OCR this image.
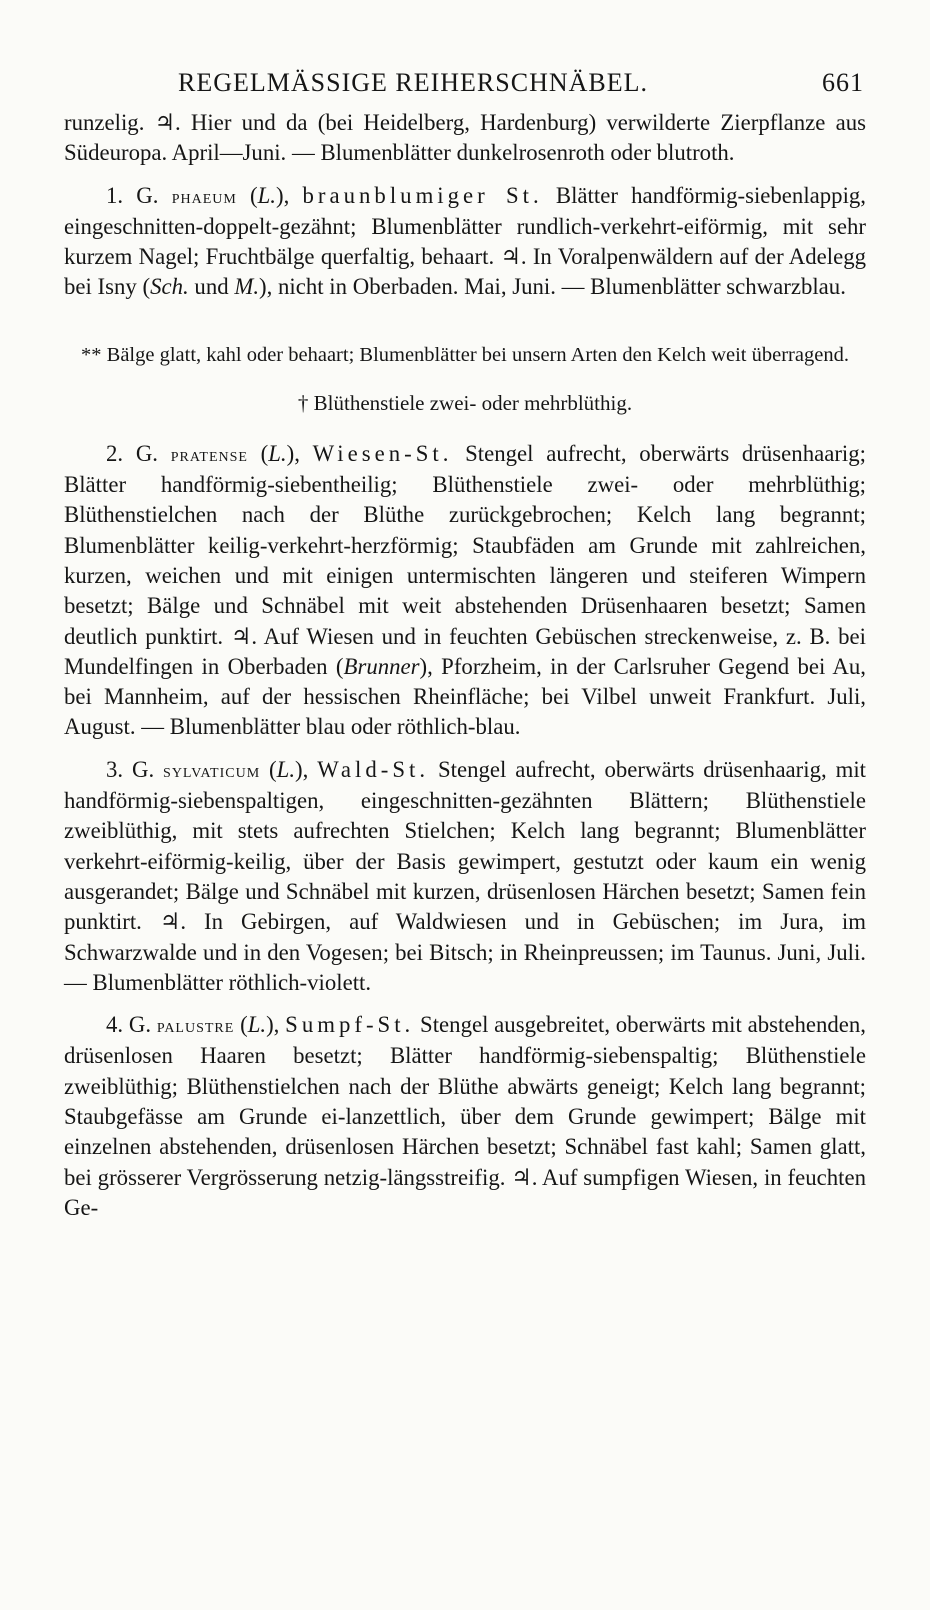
REGELMÄSSIGE REIHERSCHNÄBEL.	661

runzelig. ♃. Hier und da (bei Heidelberg, Hardenburg) verwilderte Zierpflanze aus Südeuropa. April—Juni. — Blumenblätter dunkelrosenroth oder blutroth.

1. G. phaeum (L.), braunblumiger St. Blätter handförmig-siebenlappig, eingeschnitten-doppelt-gezähnt; Blumenblätter rundlich-verkehrt-eiförmig, mit sehr kurzem Nagel; Fruchtbälge querfaltig, behaart. ♃. In Voralpenwäldern auf der Adelegg bei Isny (Sch. und M.), nicht in Oberbaden. Mai, Juni. — Blumenblätter schwarzblau.

** Bälge glatt, kahl oder behaart; Blumenblätter bei unsern Arten den Kelch weit überragend.

† Blüthenstiele zwei- oder mehrblüthig.

2. G. pratense (L.), Wiesen-St. Stengel aufrecht, oberwärts drüsenhaarig; Blätter handförmig-siebentheilig; Blüthenstiele zwei- oder mehrblüthig; Blüthenstielchen nach der Blüthe zurückgebrochen; Kelch lang begrannt; Blumenblätter keilig-verkehrt-herzförmig; Staubfäden am Grunde mit zahlreichen, kurzen, weichen und mit einigen untermischten längeren und steiferen Wimpern besetzt; Bälge und Schnäbel mit weit abstehenden Drüsenhaaren besetzt; Samen deutlich punktirt. ♃. Auf Wiesen und in feuchten Gebüschen streckenweise, z. B. bei Mundelfingen in Oberbaden (Brunner), Pforzheim, in der Carlsruher Gegend bei Au, bei Mannheim, auf der hessischen Rheinfläche; bei Vilbel unweit Frankfurt. Juli, August. — Blumenblätter blau oder röthlich-blau.

3. G. sylvaticum (L.), Wald-St. Stengel aufrecht, oberwärts drüsenhaarig, mit handförmig-siebenspaltigen, eingeschnitten-gezähnten Blättern; Blüthenstiele zweiblüthig, mit stets aufrechten Stielchen; Kelch lang begrannt; Blumenblätter verkehrt-eiförmig-keilig, über der Basis gewimpert, gestutzt oder kaum ein wenig ausgerandet; Bälge und Schnäbel mit kurzen, drüsenlosen Härchen besetzt; Samen fein punktirt. ♃. In Gebirgen, auf Waldwiesen und in Gebüschen; im Jura, im Schwarzwalde und in den Vogesen; bei Bitsch; in Rheinpreussen; im Taunus. Juni, Juli. — Blumenblätter röthlich-violett.

4. G. palustre (L.), Sumpf-St. Stengel ausgebreitet, oberwärts mit abstehenden, drüsenlosen Haaren besetzt; Blätter handförmig-siebenspaltig; Blüthenstiele zweiblüthig; Blüthenstielchen nach der Blüthe abwärts geneigt; Kelch lang begrannt; Staubgefässe am Grunde ei-lanzettlich, über dem Grunde gewimpert; Bälge mit einzelnen abstehenden, drüsenlosen Härchen besetzt; Schnäbel fast kahl; Samen glatt, bei grösserer Vergrösserung netzig-längsstreifig. ♃. Auf sumpfigen Wiesen, in feuchten Ge-
